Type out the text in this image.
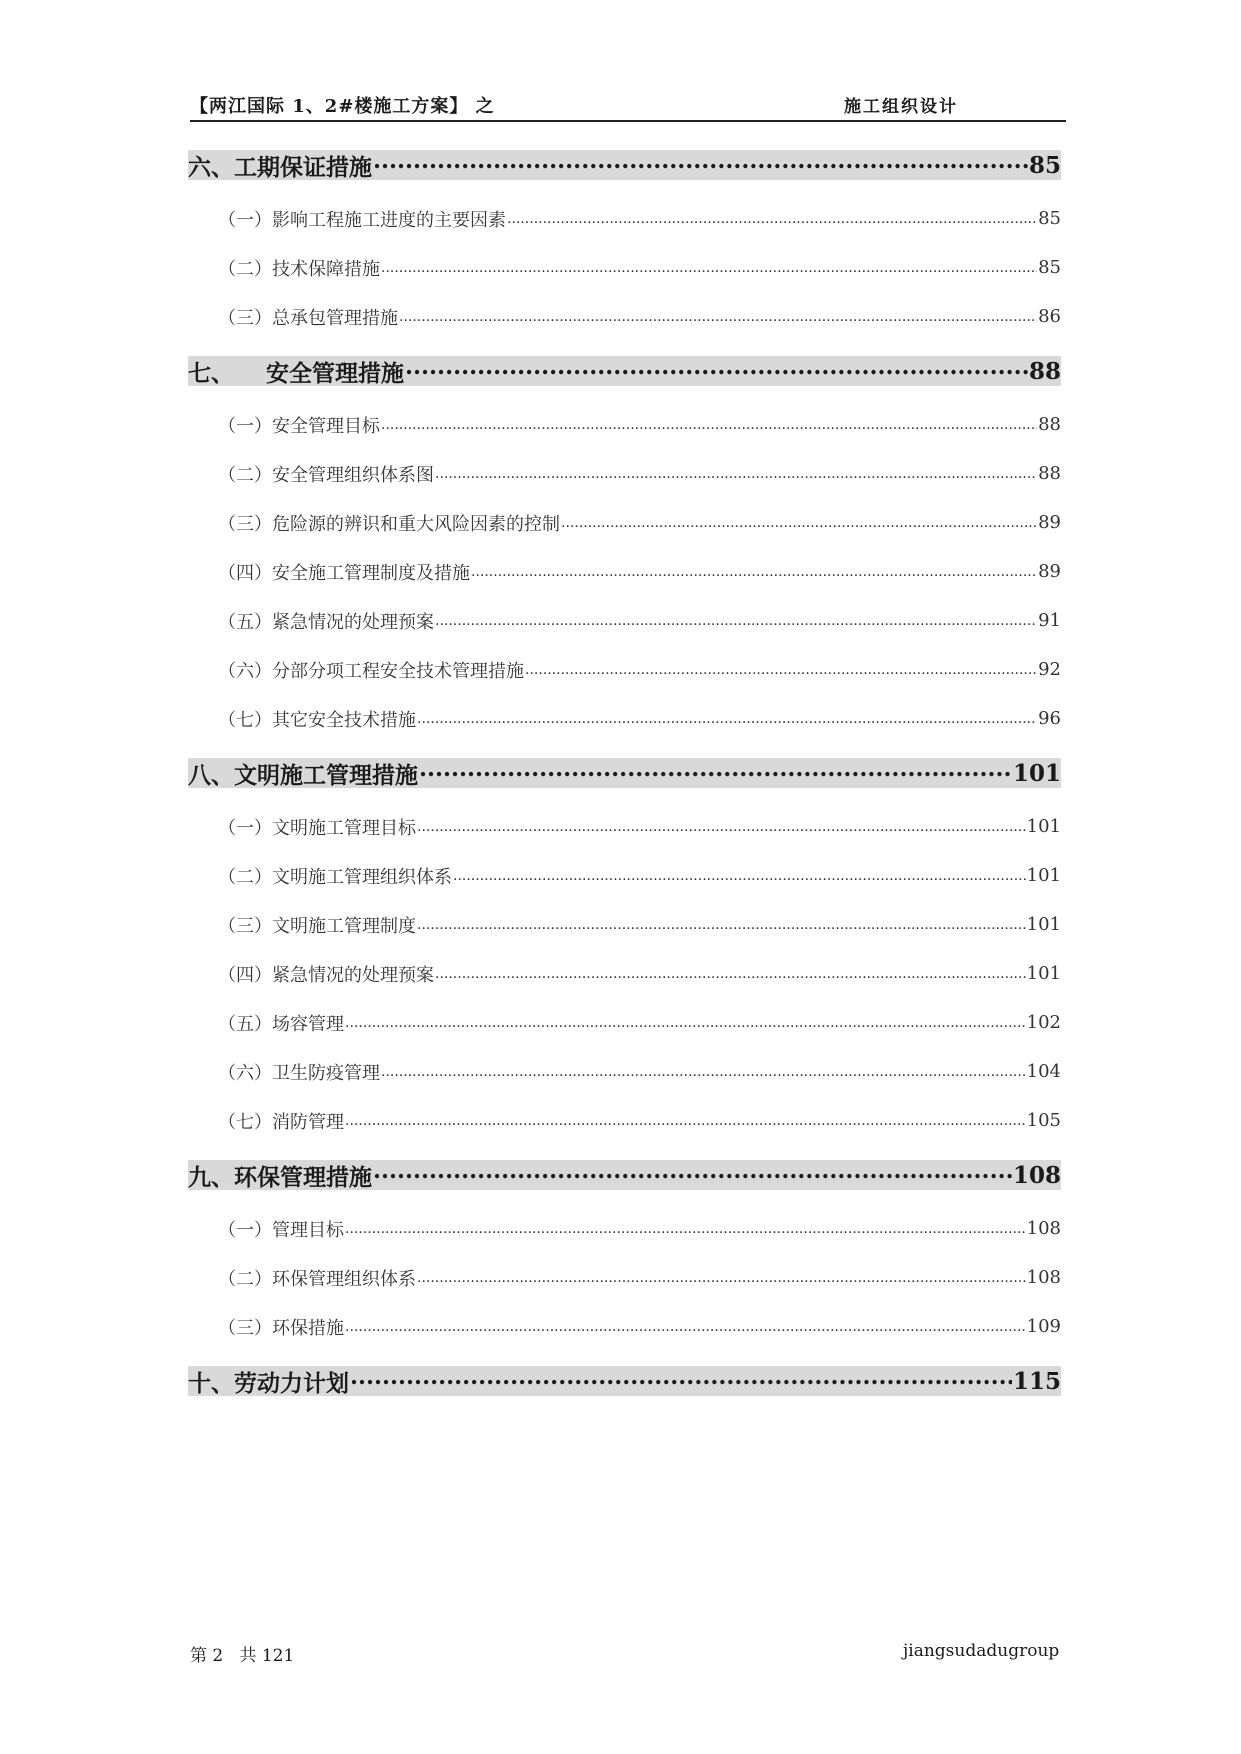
【两江国际 1、2#楼施工方案】 之	施工组织设计
六、工期保证措施 .....	85
（一）影响工程施工进度的主要因素 .....	85
（二）技术保障措施 .....	85
（三）总承包管理措施 .....	86
七、    安全管理措施 .....	88
（一）安全管理目标 .....	88
（二）安全管理组织体系图 .....	88
（三）危险源的辨识和重大风险因素的控制 .....	89
（四）安全施工管理制度及措施 .....	89
（五）紧急情况的处理预案 .....	91
（六）分部分项工程安全技术管理措施 .....	92
（七）其它安全技术措施 .....	96
八、文明施工管理措施 .....	101
（一）文明施工管理目标 .....	101
（二）文明施工管理组织体系 .....	101
（三）文明施工管理制度 .....	101
（四）紧急情况的处理预案 .....	101
（五）场容管理 .....	102
（六）卫生防疫管理 .....	104
（七）消防管理 .....	105
九、环保管理措施 .....	108
（一）管理目标 .....	108
（二）环保管理组织体系 .....	108
（三）环保措施 .....	109
十、劳动力计划 .....	115
第 2   共 121	jiangsudadugroup
